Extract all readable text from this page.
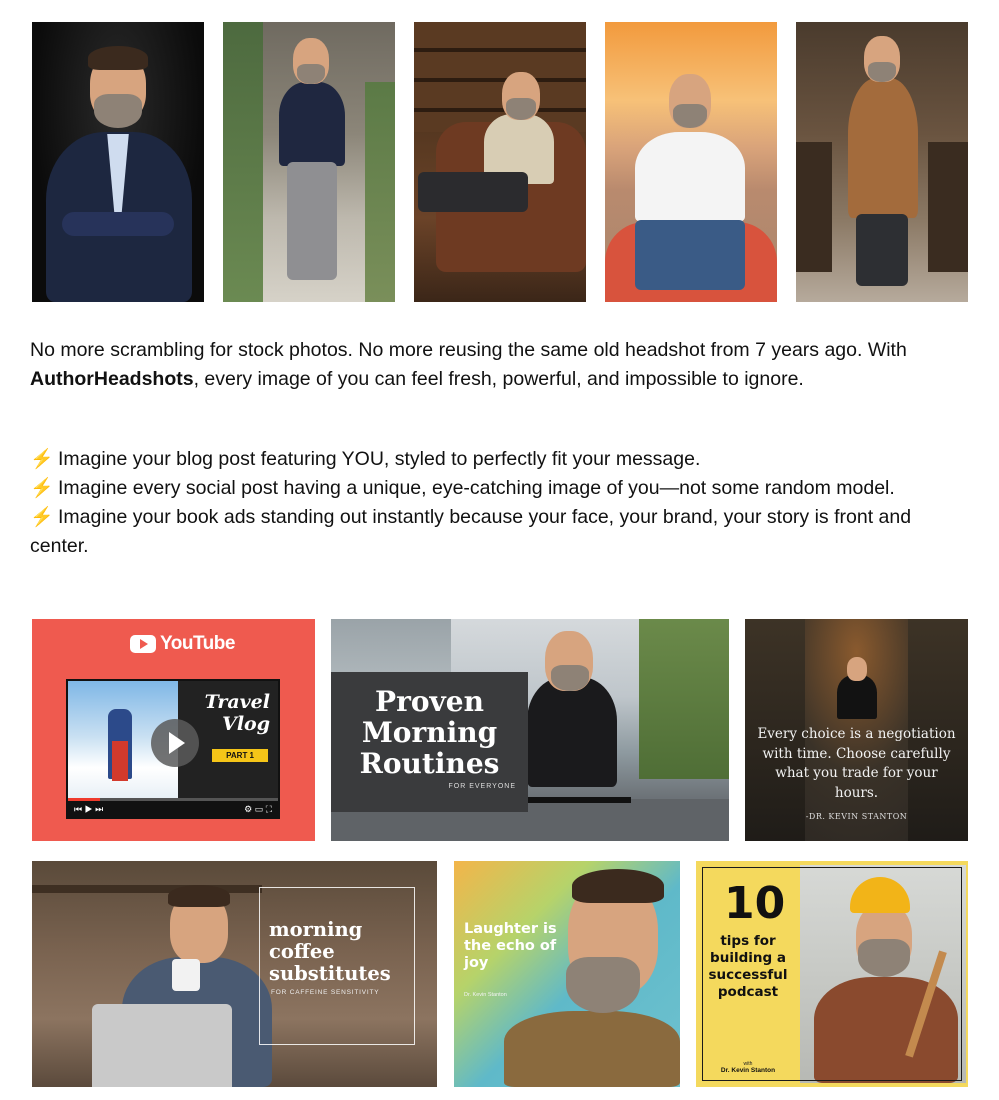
No more scrambling for stock photos. No more reusing the same old headshot from 7 years ago. With AuthorHeadshots, every image of you can feel fresh, powerful, and impossible to ignore.

⚡ Imagine your blog post featuring YOU, styled to perfectly fit your message.
⚡ Imagine every social post having a unique, eye-catching image of you—not some random model.
⚡ Imagine your book ads standing out instantly because your face, your brand, your story is front and center.
YouTube
Travel Vlog
PART 1
⏮ ▶ ⏭	⚙ ▭ ⛶
Proven Morning Routines
FOR EVERYONE
Every choice is a negotiation with time. Choose carefully what you trade for your hours.
-DR. KEVIN STANTON
morning coffee substitutes
FOR CAFFEINE SENSITIVITY
Laughter is the echo of joy
Dr. Kevin Stanton
10
tips for building a successful podcast
with
Dr. Kevin Stanton
